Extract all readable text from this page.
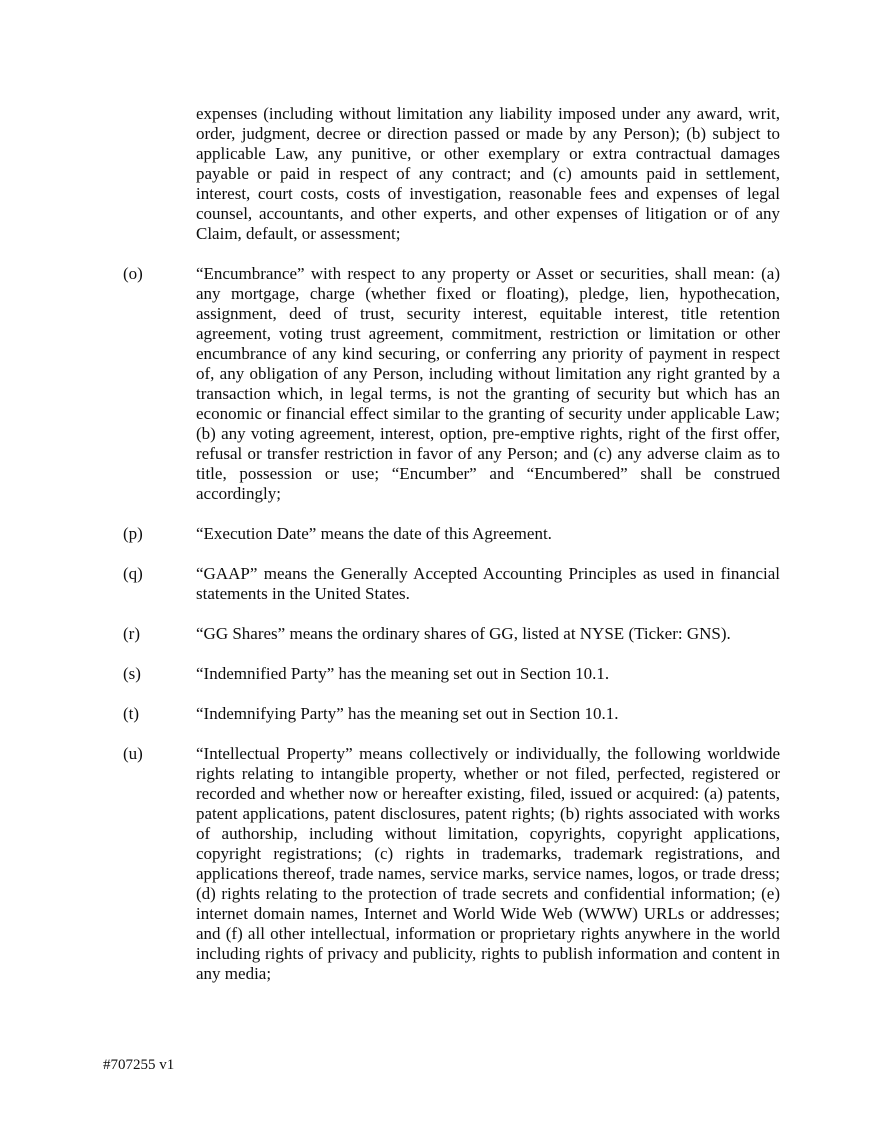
expenses (including without limitation any liability imposed under any award, writ, order, judgment, decree or direction passed or made by any Person); (b) subject to applicable Law, any punitive, or other exemplary or extra contractual damages payable or paid in respect of any contract; and (c) amounts paid in settlement, interest, court costs, costs of investigation, reasonable fees and expenses of legal counsel, accountants, and other experts, and other expenses of litigation or of any Claim, default, or assessment;
(o)	“Encumbrance” with respect to any property or Asset or securities, shall mean: (a) any mortgage, charge (whether fixed or floating), pledge, lien, hypothecation, assignment, deed of trust, security interest, equitable interest, title retention agreement, voting trust agreement, commitment, restriction or limitation or other encumbrance of any kind securing, or conferring any priority of payment in respect of, any obligation of any Person, including without limitation any right granted by a transaction which, in legal terms, is not the granting of security but which has an economic or financial effect similar to the granting of security under applicable Law; (b) any voting agreement, interest, option, pre-emptive rights, right of the first offer, refusal or transfer restriction in favor of any Person; and (c) any adverse claim as to title, possession or use; “Encumber” and “Encumbered” shall be construed accordingly;
(p)	“Execution Date” means the date of this Agreement.
(q)	“GAAP” means the Generally Accepted Accounting Principles as used in financial statements in the United States.
(r)	“GG Shares” means the ordinary shares of GG, listed at NYSE (Ticker: GNS).
(s)	“Indemnified Party” has the meaning set out in Section 10.1.
(t)	“Indemnifying Party” has the meaning set out in Section 10.1.
(u)	“Intellectual Property” means collectively or individually, the following worldwide rights relating to intangible property, whether or not filed, perfected, registered or recorded and whether now or hereafter existing, filed, issued or acquired: (a) patents, patent applications, patent disclosures, patent rights; (b) rights associated with works of authorship, including without limitation, copyrights, copyright applications, copyright registrations; (c) rights in trademarks, trademark registrations, and applications thereof, trade names, service marks, service names, logos, or trade dress; (d) rights relating to the protection of trade secrets and confidential information; (e) internet domain names, Internet and World Wide Web (WWW) URLs or addresses; and (f) all other intellectual, information or proprietary rights anywhere in the world including rights of privacy and publicity, rights to publish information and content in any media;
#707255 v1
